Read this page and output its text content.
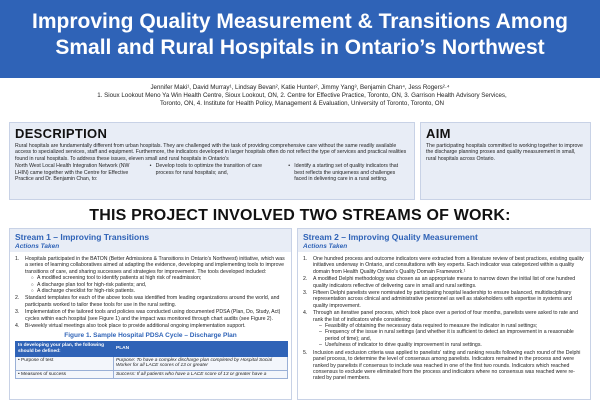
Improving Quality Measurement & Transitions Among
Small and Rural Hospitals in Ontario’s Northwest
Jennifer Maki¹, David Murray¹, Lindsay Bevan², Katie Hunter², Jimmy Yang³, Benjamin Chan⁴, Jess Rogers²·⁴
1. Sioux Lookout Meno Ya Win Health Centre, Sioux Lookout, ON, 2. Centre for Effective Practice, Toronto, ON, 3. Garrison Health Advisory Services, Toronto, ON, 4. Institute for Health Policy, Management & Evaluation, University of Toronto, Toronto, ON
DESCRIPTION
Rural hospitals are fundamentally different from urban hospitals. They are challenged with the task of providing comprehensive care without the same readily available access to specialized services, staff and equipment. Furthermore, the indicators developed in larger hospitals often do not reflect the type of services and practical realities found in rural hospitals. To address these issues, eleven small and rural hospitals in Ontario’s
North West Local Health Integration Network (NW LHIN) came together with the Centre for Effective Practice and Dr. Benjamin Chan, to:
• Develop tools to optimize the transition of care process for rural hospitals; and,
• Identify a starting set of quality indicators that best reflects the uniqueness and challenges faced in delivering care in a rural setting.
AIM
The participating hospitals committed to working together to improve the discharge planning proses and quality measurement in small, rural hospitals across Ontario.
THIS PROJECT INVOLVED TWO STREAMS OF WORK:
Stream 1 – Improving Transitions
Actions Taken
1. Hospitals participated in the BATON (Better Admissions & Transitions in Ontario’s Northwest) initiative, which was a series of learning collaboratives aimed at adapting the evidence, developing and implementing tools to improve transitions of care, and sharing successes and strategies for improvement. The tools developed included:
○ A modified screening tool to identify patients at high risk of readmission;
○ A discharge plan tool for high-risk patients; and,
○ A discharge checklist for high-risk patients.
2. Standard templates for each of the above tools was identified from leading organizations around the world, and participants worked to tailor these tools for use in the rural setting.
3. Implementation of the tailored tools and policies was conducted using documented PDSA (Plan, Do, Study, Act) cycles within each hospital (see Figure 1) and the impact was monitored through chart audits (see Figure 2).
4. Bi-weekly virtual meetings also took place to provide additional ongoing implementation support.
Figure 1. Sample Hospital PDSA Cycle – Discharge Plan
In developing your plan, the following should be defined:	PLAN
• Purpose of test	Purpose: To have a complex discharge plan completed by Hospital Social Worker for all LACE scores of 13 or greater
• Measures of success	Success: If all patients who have a LACE score of 13 or greater have a
Stream 2 – Improving Quality Measurement
Actions Taken
1. One hundred process and outcome indicators were extracted from a literature review of best practices, existing quality initiatives underway in Ontario, and consultations with key experts. Each indicator was categorized within a quality domain from Health Quality Ontario’s Quality Domain Framework.¹
2. A modified Delphi methodology was chosen as an appropriate means to narrow down the initial list of one hundred quality indicators reflective of delivering care in small and rural settings.
3. Fifteen Delphi panelists were nominated by participating hospital leadership to ensure balanced, multidisciplinary representation across clinical and administrative personnel as well as stakeholders with expertise in systems and quality improvement.
4. Through an iterative panel process, which took place over a period of four months, panelists were asked to rate and rank the list of indicators while considering:
– Feasibility of obtaining the necessary data required to measure the indicator in rural settings;
– Frequency of the issue in rural settings (and whether it is sufficient to detect an improvement in a reasonable period of time); and,
– Usefulness of indicator to drive quality improvement in rural settings.
5. Inclusion and exclusion criteria was applied to panelists’ rating and ranking results following each round of the Delphi panel process, to determine the level of consensus among panelists. Indicators remained in the process and were ranked by panelists if consensus to include was reached in one of the first two rounds. Indicators which reached consensus to exclude were eliminated from the process and indicators where no consensus was reached were re-rated by panel members.
